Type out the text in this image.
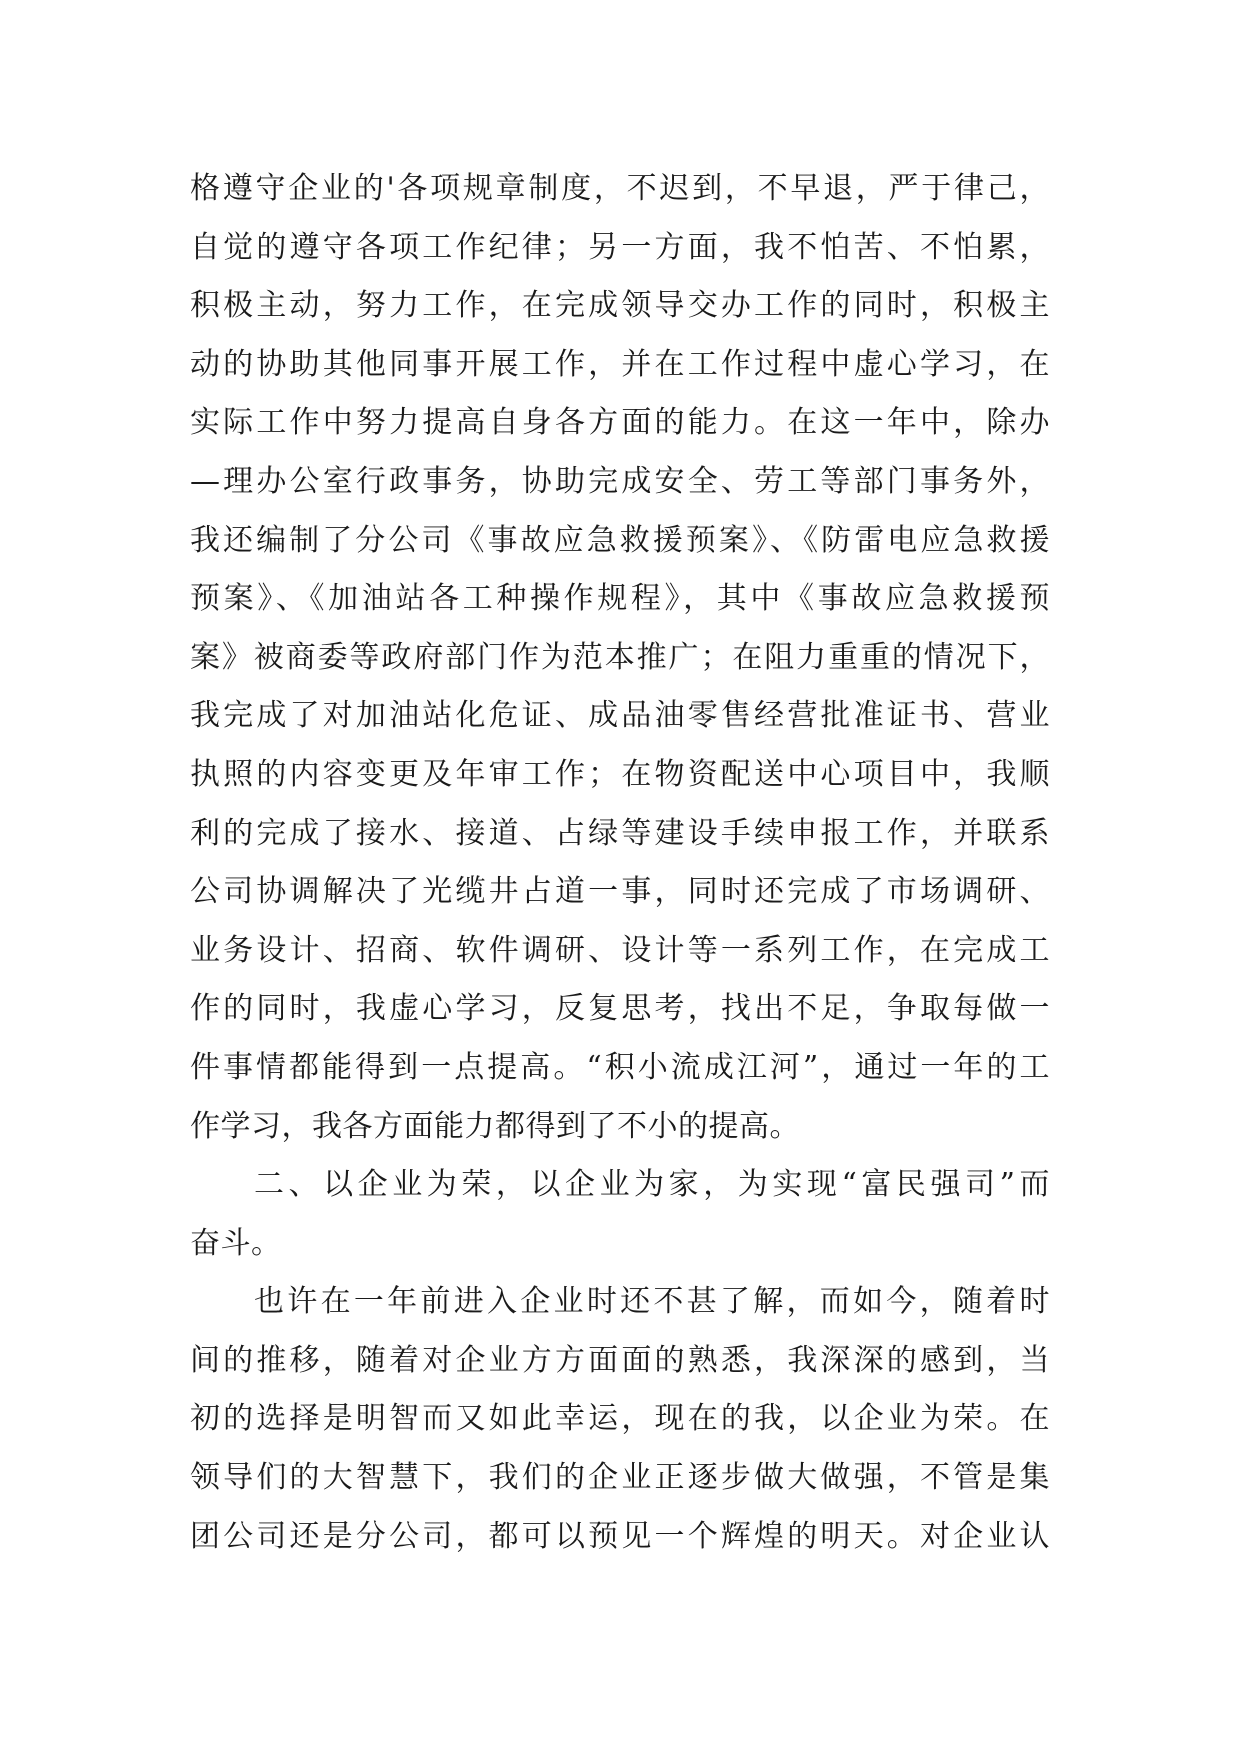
格遵守企业的'各项规章制度，不迟到，不早退，严于律己，
自觉的遵守各项工作纪律；另一方面，我不怕苦、不怕累，
积极主动，努力工作，在完成领导交办工作的同时，积极主
动的协助其他同事开展工作，并在工作过程中虚心学习，在
实际工作中努力提高自身各方面的能力。在这一年中，除办
—理办公室行政事务，协助完成安全、劳工等部门事务外，
我还编制了分公司《事故应急救援预案》、《防雷电应急救援
预案》、《加油站各工种操作规程》，其中《事故应急救援预
案》被商委等政府部门作为范本推广；在阻力重重的情况下，
我完成了对加油站化危证、成品油零售经营批准证书、营业
执照的内容变更及年审工作；在物资配送中心项目中，我顺
利的完成了接水、接道、占绿等建设手续申报工作，并联系
公司协调解决了光缆井占道一事，同时还完成了市场调研、
业务设计、招商、软件调研、设计等一系列工作，在完成工
作的同时，我虚心学习，反复思考，找出不足，争取每做一
件事情都能得到一点提高。“积小流成江河”，通过一年的工
作学习，我各方面能力都得到了不小的提高。
二、以企业为荣，以企业为家，为实现“富民强司”而
奋斗。
也许在一年前进入企业时还不甚了解，而如今，随着时
间的推移，随着对企业方方面面的熟悉，我深深的感到，当
初的选择是明智而又如此幸运，现在的我，以企业为荣。在
领导们的大智慧下，我们的企业正逐步做大做强，不管是集
团公司还是分公司，都可以预见一个辉煌的明天。对企业认
